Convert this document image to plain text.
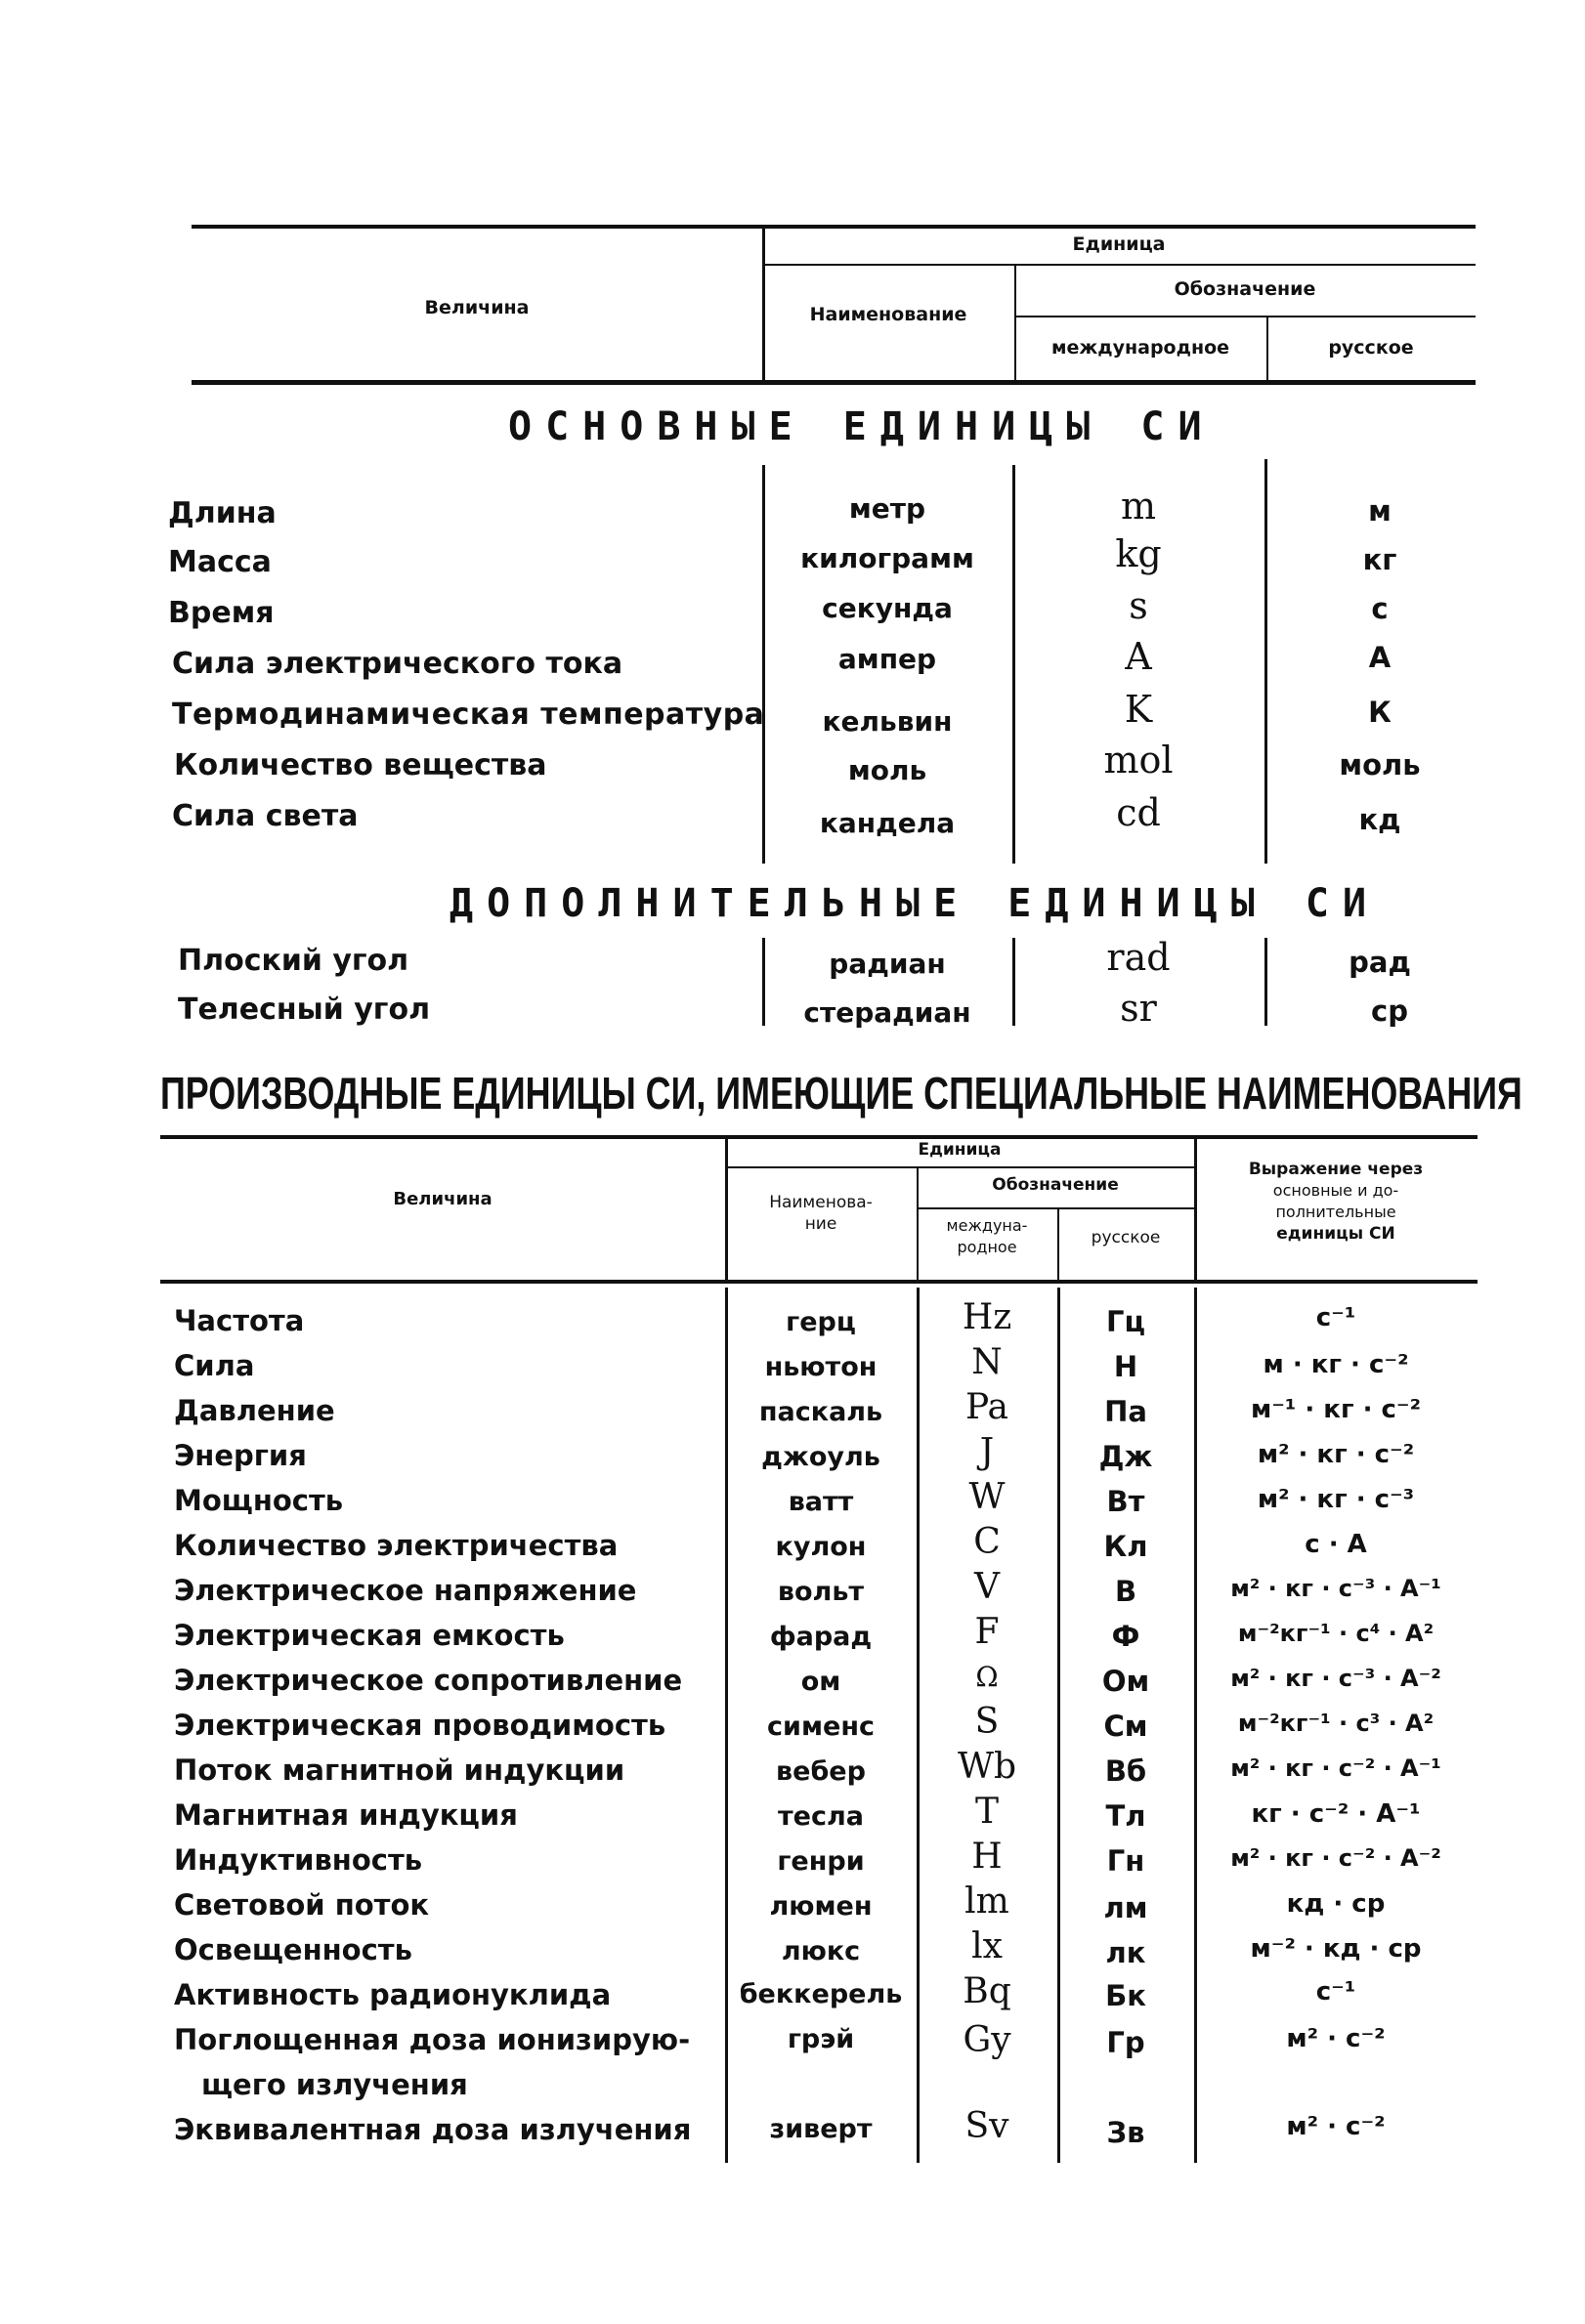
Величина
Единица
Наименование
Обозначение
международное	русское
ОСНОВНЫЕ ЕДИНИЦЫ СИ
Длина	метр	m	м
Масса	килограмм	kg	кг
Время	секунда	s	с
Сила электрического тока	ампер	A	А
Термодинамическая температура	кельвин	K	К
Количество вещества	моль	mol	моль
Сила света	кандела	cd	кд
ДОПОЛНИТЕЛЬНЫЕ ЕДИНИЦЫ СИ
Плоский угол	радиан	rad	рад
Телесный угол	стерадиан	sr	ср
ПРОИЗВОДНЫЕ ЕДИНИЦЫ СИ, ИМЕЮЩИЕ СПЕЦИАЛЬНЫЕ НАИМЕНОВАНИЯ
Величина
Единица
Наименова-
ние
Обозначение
междуна-
родное	русское
Выражение через
основные и до-
полнительные
единицы СИ
Частота	герц	Hz	Гц	с⁻¹
Сила	ньютон	N	Н	м · кг · с⁻²
Давление	паскаль	Pa	Па	м⁻¹ · кг · с⁻²
Энергия	джоуль	J	Дж	м² · кг · с⁻²
Мощность	ватт	W	Вт	м² · кг · с⁻³
Количество электричества	кулон	C	Кл	с · А
Электрическое напряжение	вольт	V	В	м² · кг · с⁻³ · А⁻¹
Электрическая емкость	фарад	F	Ф	м⁻²кг⁻¹ · с⁴ · А²
Электрическое сопротивление	ом	Ω	Ом	м² · кг · с⁻³ · А⁻²
Электрическая проводимость	сименс	S	См	м⁻²кг⁻¹ · с³ · А²
Поток магнитной индукции	вебер	Wb	Вб	м² · кг · с⁻² · А⁻¹
Магнитная индукция	тесла	T	Тл	кг · с⁻² · А⁻¹
Индуктивность	генри	H	Гн	м² · кг · с⁻² · А⁻²
Световой поток	люмен	lm	лм	кд · ср
Освещенность	люкс	lx	лк	м⁻² · кд · ср
Активность радионуклида	беккерель	Bq	Бк	с⁻¹
Поглощенная доза ионизирую-
щего излучения
грэй	Gy	Гр	м² · с⁻²
Эквивалентная доза излучения	зиверт	Sv	Зв	м² · с⁻²
